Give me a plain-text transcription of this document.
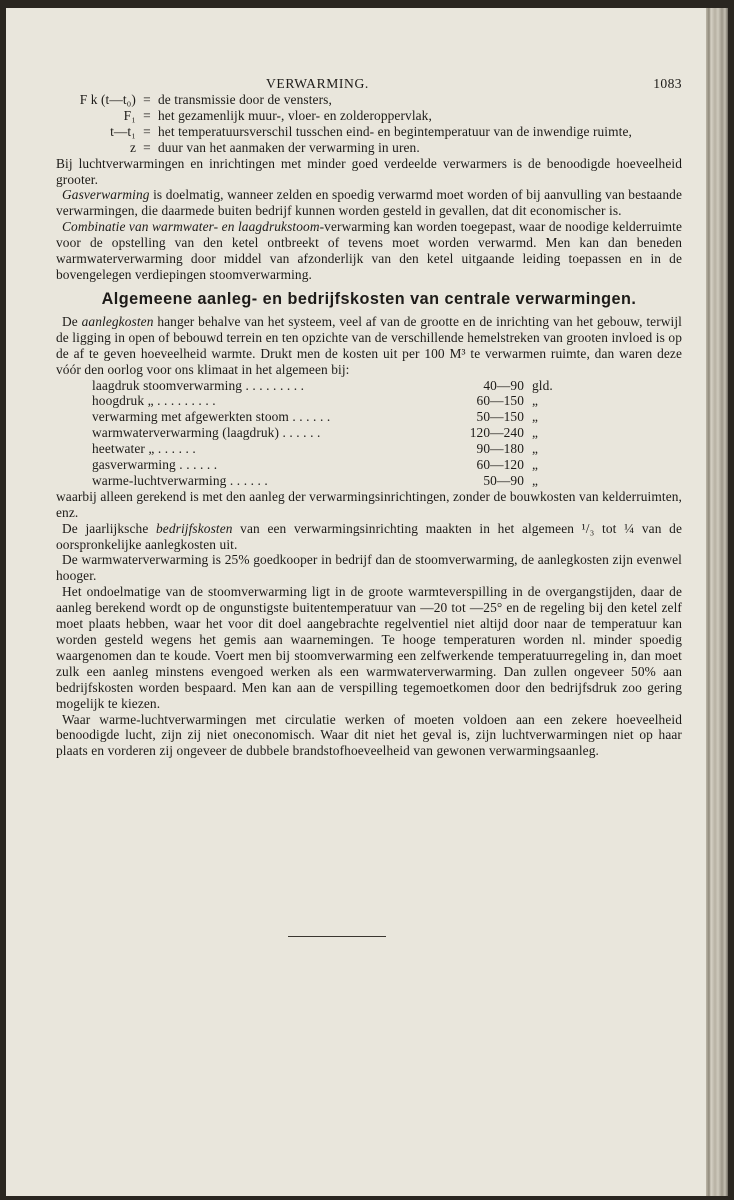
VERWARMING.	1083
F k (t—t₀) = de transmissie door de vensters,
F₁ = het gezamenlijk muur-, vloer- en zolderoppervlak,
t—t₁ = het temperatuursverschil tusschen eind- en begintemperatuur van de inwendige ruimte,
z = duur van het aanmaken der verwarming in uren.

Bij luchtverwarmingen en inrichtingen met minder goed verdeelde verwarmers is de benoodigde hoeveelheid grooter.

Gasverwarming is doelmatig, wanneer zelden en spoedig verwarmd moet worden of bij aanvulling van bestaande verwarmingen, die daarmede buiten bedrijf kunnen worden gesteld in gevallen, dat dit economischer is.

Combinatie van warmwater- en laagdrukstoom-verwarming kan worden toegepast, waar de noodige kelderruimte voor de opstelling van den ketel ontbreekt of tevens moet worden verwarmd. Men kan dan beneden warmwaterverwarming door middel van afzonderlijk van den ketel uitgaande leiding toepassen en in de bovengelegen verdiepingen stoomverwarming.

Algemeene aanleg- en bedrijfskosten van centrale verwarmingen.

De aanlegkosten hanger behalve van het systeem, veel af van de grootte en de inrichting van het gebouw, terwijl de ligging in open of bebouwd terrein en ten opzichte van de verschillende hemelstreken van grooten invloed is op de af te geven hoeveelheid warmte. Drukt men de kosten uit per 100 M³ te verwarmen ruimte, dan waren deze vóór den oorlog voor ons klimaat in het algemeen bij:

laagdruk stoomverwarming . . . . . . . . .	40—90 gld.
hoogdruk „ . . . . . . . . .	60—150 „
verwarming met afgewerkten stoom . . . . . .	50—150 „
warmwaterverwarming (laagdruk) . . . . . .	120—240 „
heetwater „ . . . . . .	90—180 „
gasverwarming . . . . . .	60—120 „
warme-luchtverwarming . . . . . .	50—90 „

waarbij alleen gerekend is met den aanleg der verwarmingsinrichtingen, zonder de bouwkosten van kelderruimten, enz.

De jaarlijksche bedrijfskosten van een verwarmingsinrichting maakten in het algemeen ¹/₃ tot ¼ van de oorspronkelijke aanlegkosten uit.

De warmwaterverwarming is 25% goedkooper in bedrijf dan de stoomverwarming, de aanlegkosten zijn evenwel hooger.

Het ondoelmatige van de stoomverwarming ligt in de groote warmteverspilling in de overgangstijden, daar de aanleg berekend wordt op de ongunstigste buitentemperatuur van —20 tot —25° en de regeling bij den ketel zelf moet plaats hebben, waar het voor dit doel aangebrachte regelventiel niet altijd door naar de temperatuur kan worden gesteld wegens het gemis aan waarnemingen. Te hooge temperaturen worden nl. minder spoedig waargenomen dan te koude. Voert men bij stoomverwarming een zelfwerkende temperatuurregeling in, dan moet zulk een aanleg minstens evengoed werken als een warmwaterverwarming. Dan zullen ongeveer 50% aan bedrijfskosten worden bespaard. Men kan aan de verspilling tegemoetkomen door den bedrijfsdruk zoo gering mogelijk te kiezen.

Waar warme-luchtverwarmingen met circulatie werken of moeten voldoen aan een zekere hoeveelheid benoodigde lucht, zijn zij niet oneconomisch. Waar dit niet het geval is, zijn luchtverwarmingen niet op haar plaats en vorderen zij ongeveer de dubbele brandstofhoeveelheid van gewonen verwarmingsaanleg.
